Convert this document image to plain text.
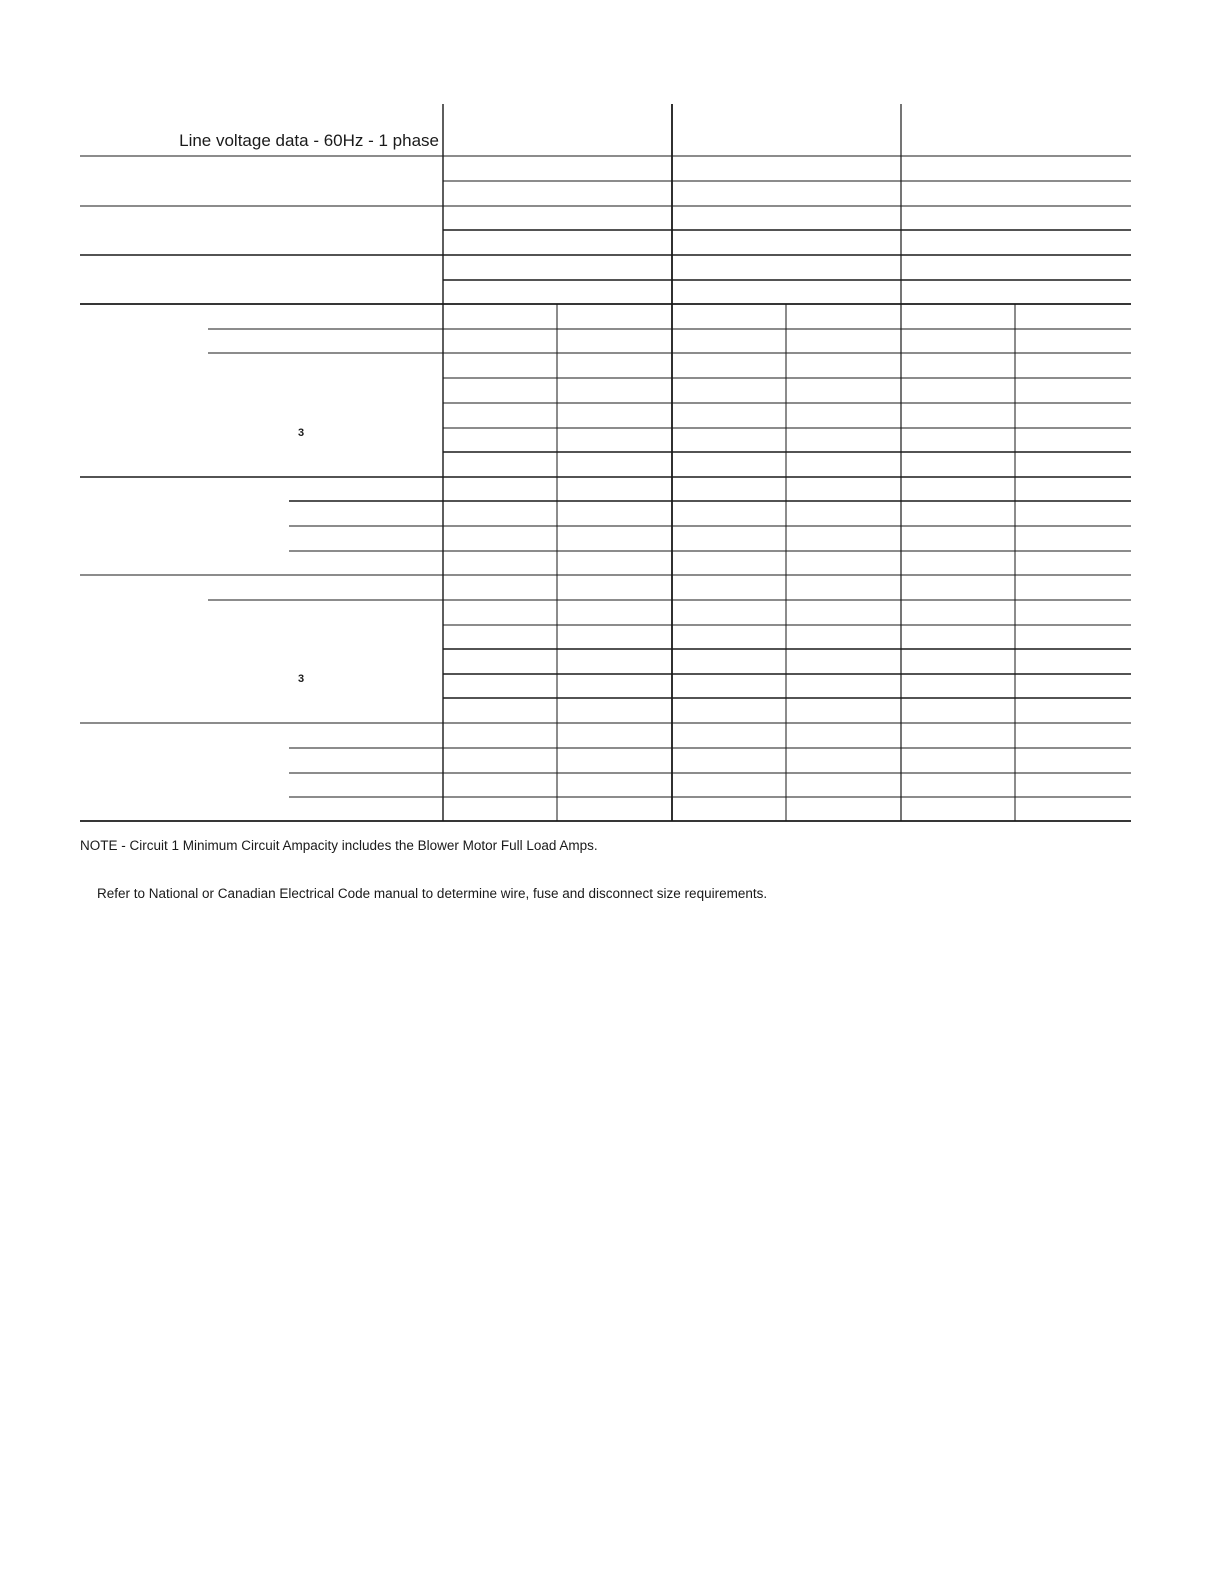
Line voltage data - 60Hz - 1 phase
3
3
NOTE - Circuit 1 Minimum Circuit Ampacity includes the Blower Motor Full Load Amps.
Refer to National or Canadian Electrical Code manual to determine wire, fuse and disconnect size requirements.
